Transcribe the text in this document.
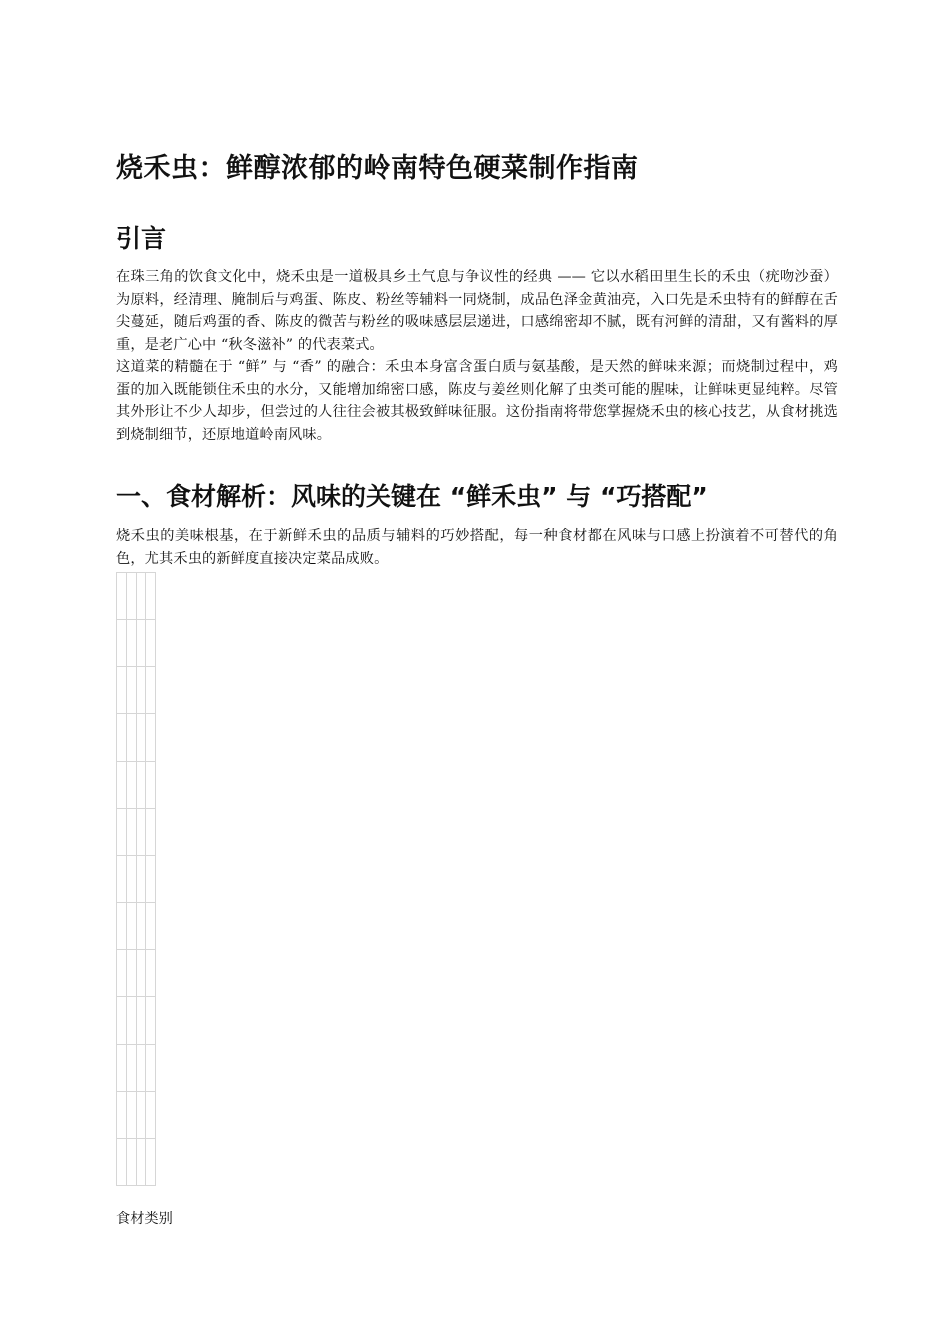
烧禾虫：鲜醇浓郁的岭南特色硬菜制作指南
引言

在珠三角的饮食文化中，烧禾虫是一道极具乡土气息与争议性的经典 —— 它以水稻田里生长的禾虫（疣吻沙蚕）为原料，经清理、腌制后与鸡蛋、陈皮、粉丝等辅料一同烧制，成品色泽金黄油亮，入口先是禾虫特有的鲜醇在舌尖蔓延，随后鸡蛋的香、陈皮的微苦与粉丝的吸味感层层递进，口感绵密却不腻，既有河鲜的清甜，又有酱料的厚重，是老广心中 “秋冬滋补” 的代表菜式。

这道菜的精髓在于 “鲜” 与 “香” 的融合：禾虫本身富含蛋白质与氨基酸，是天然的鲜味来源；而烧制过程中，鸡蛋的加入既能锁住禾虫的水分，又能增加绵密口感，陈皮与姜丝则化解了虫类可能的腥味，让鲜味更显纯粹。尽管其外形让不少人却步，但尝过的人往往会被其极致鲜味征服。这份指南将带您掌握烧禾虫的核心技艺，从食材挑选到烧制细节，还原地道岭南风味。

一、食材解析：风味的关键在 “鲜禾虫” 与 “巧搭配”

烧禾虫的美味根基，在于新鲜禾虫的品质与辅料的巧妙搭配，每一种食材都在风味与口感上扮演着不可替代的角色，尤其禾虫的新鲜度直接决定菜品成败。

食材类别
